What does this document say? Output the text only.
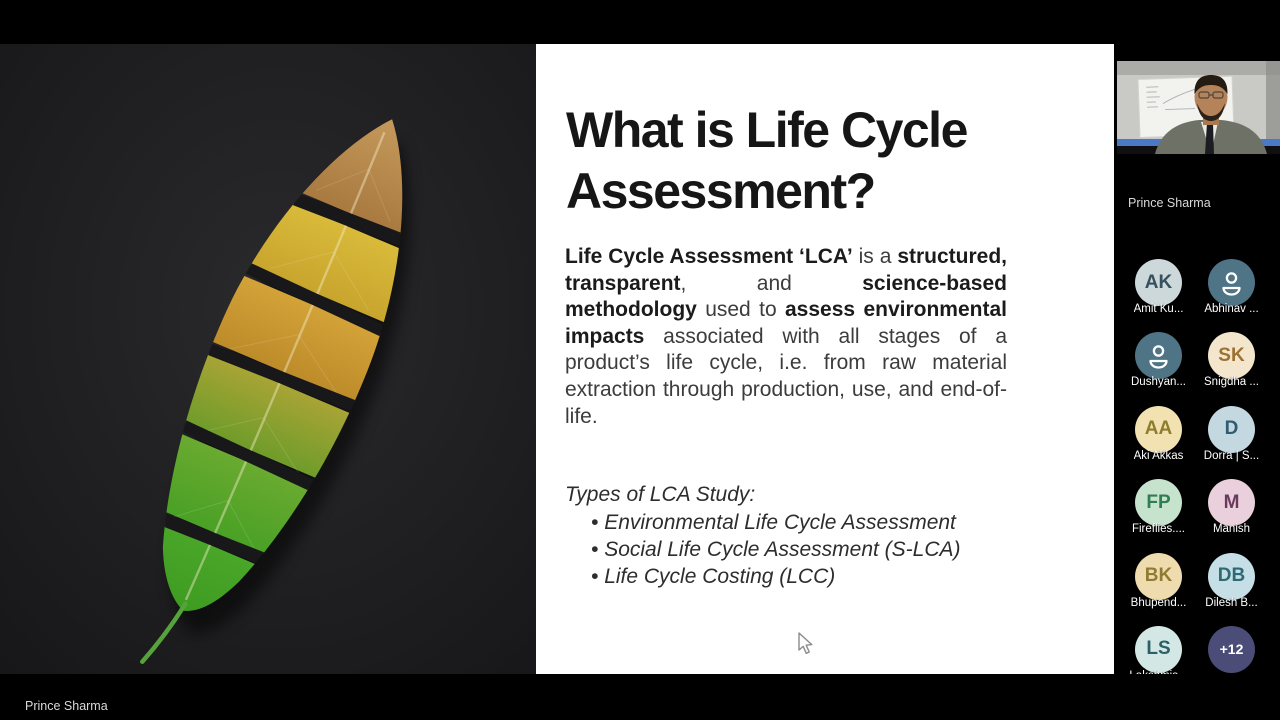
What is Life Cycle
Assessment?

Life Cycle Assessment ‘LCA’ is a structured, transparent, and science-based methodology used to assess environmental impacts associated with all stages of a product’s life cycle, i.e. from raw material extraction through production, use, and end-of-life.

Types of LCA Study:

• Environmental Life Cycle Assessment
• Social Life Cycle Assessment (S-LCA)
• Life Cycle Costing (LCC)
Prince Sharma
AK
Amit Ku... Abhinav ...
Dushyan...
SK
Snigdha ...
AA
Aki Akkas
D
Dorra | S...
FP
Fireflies....
M
Manish
BK
Bhupend...
DB
Dilesh B...
LS	+12
Prince Sharma
